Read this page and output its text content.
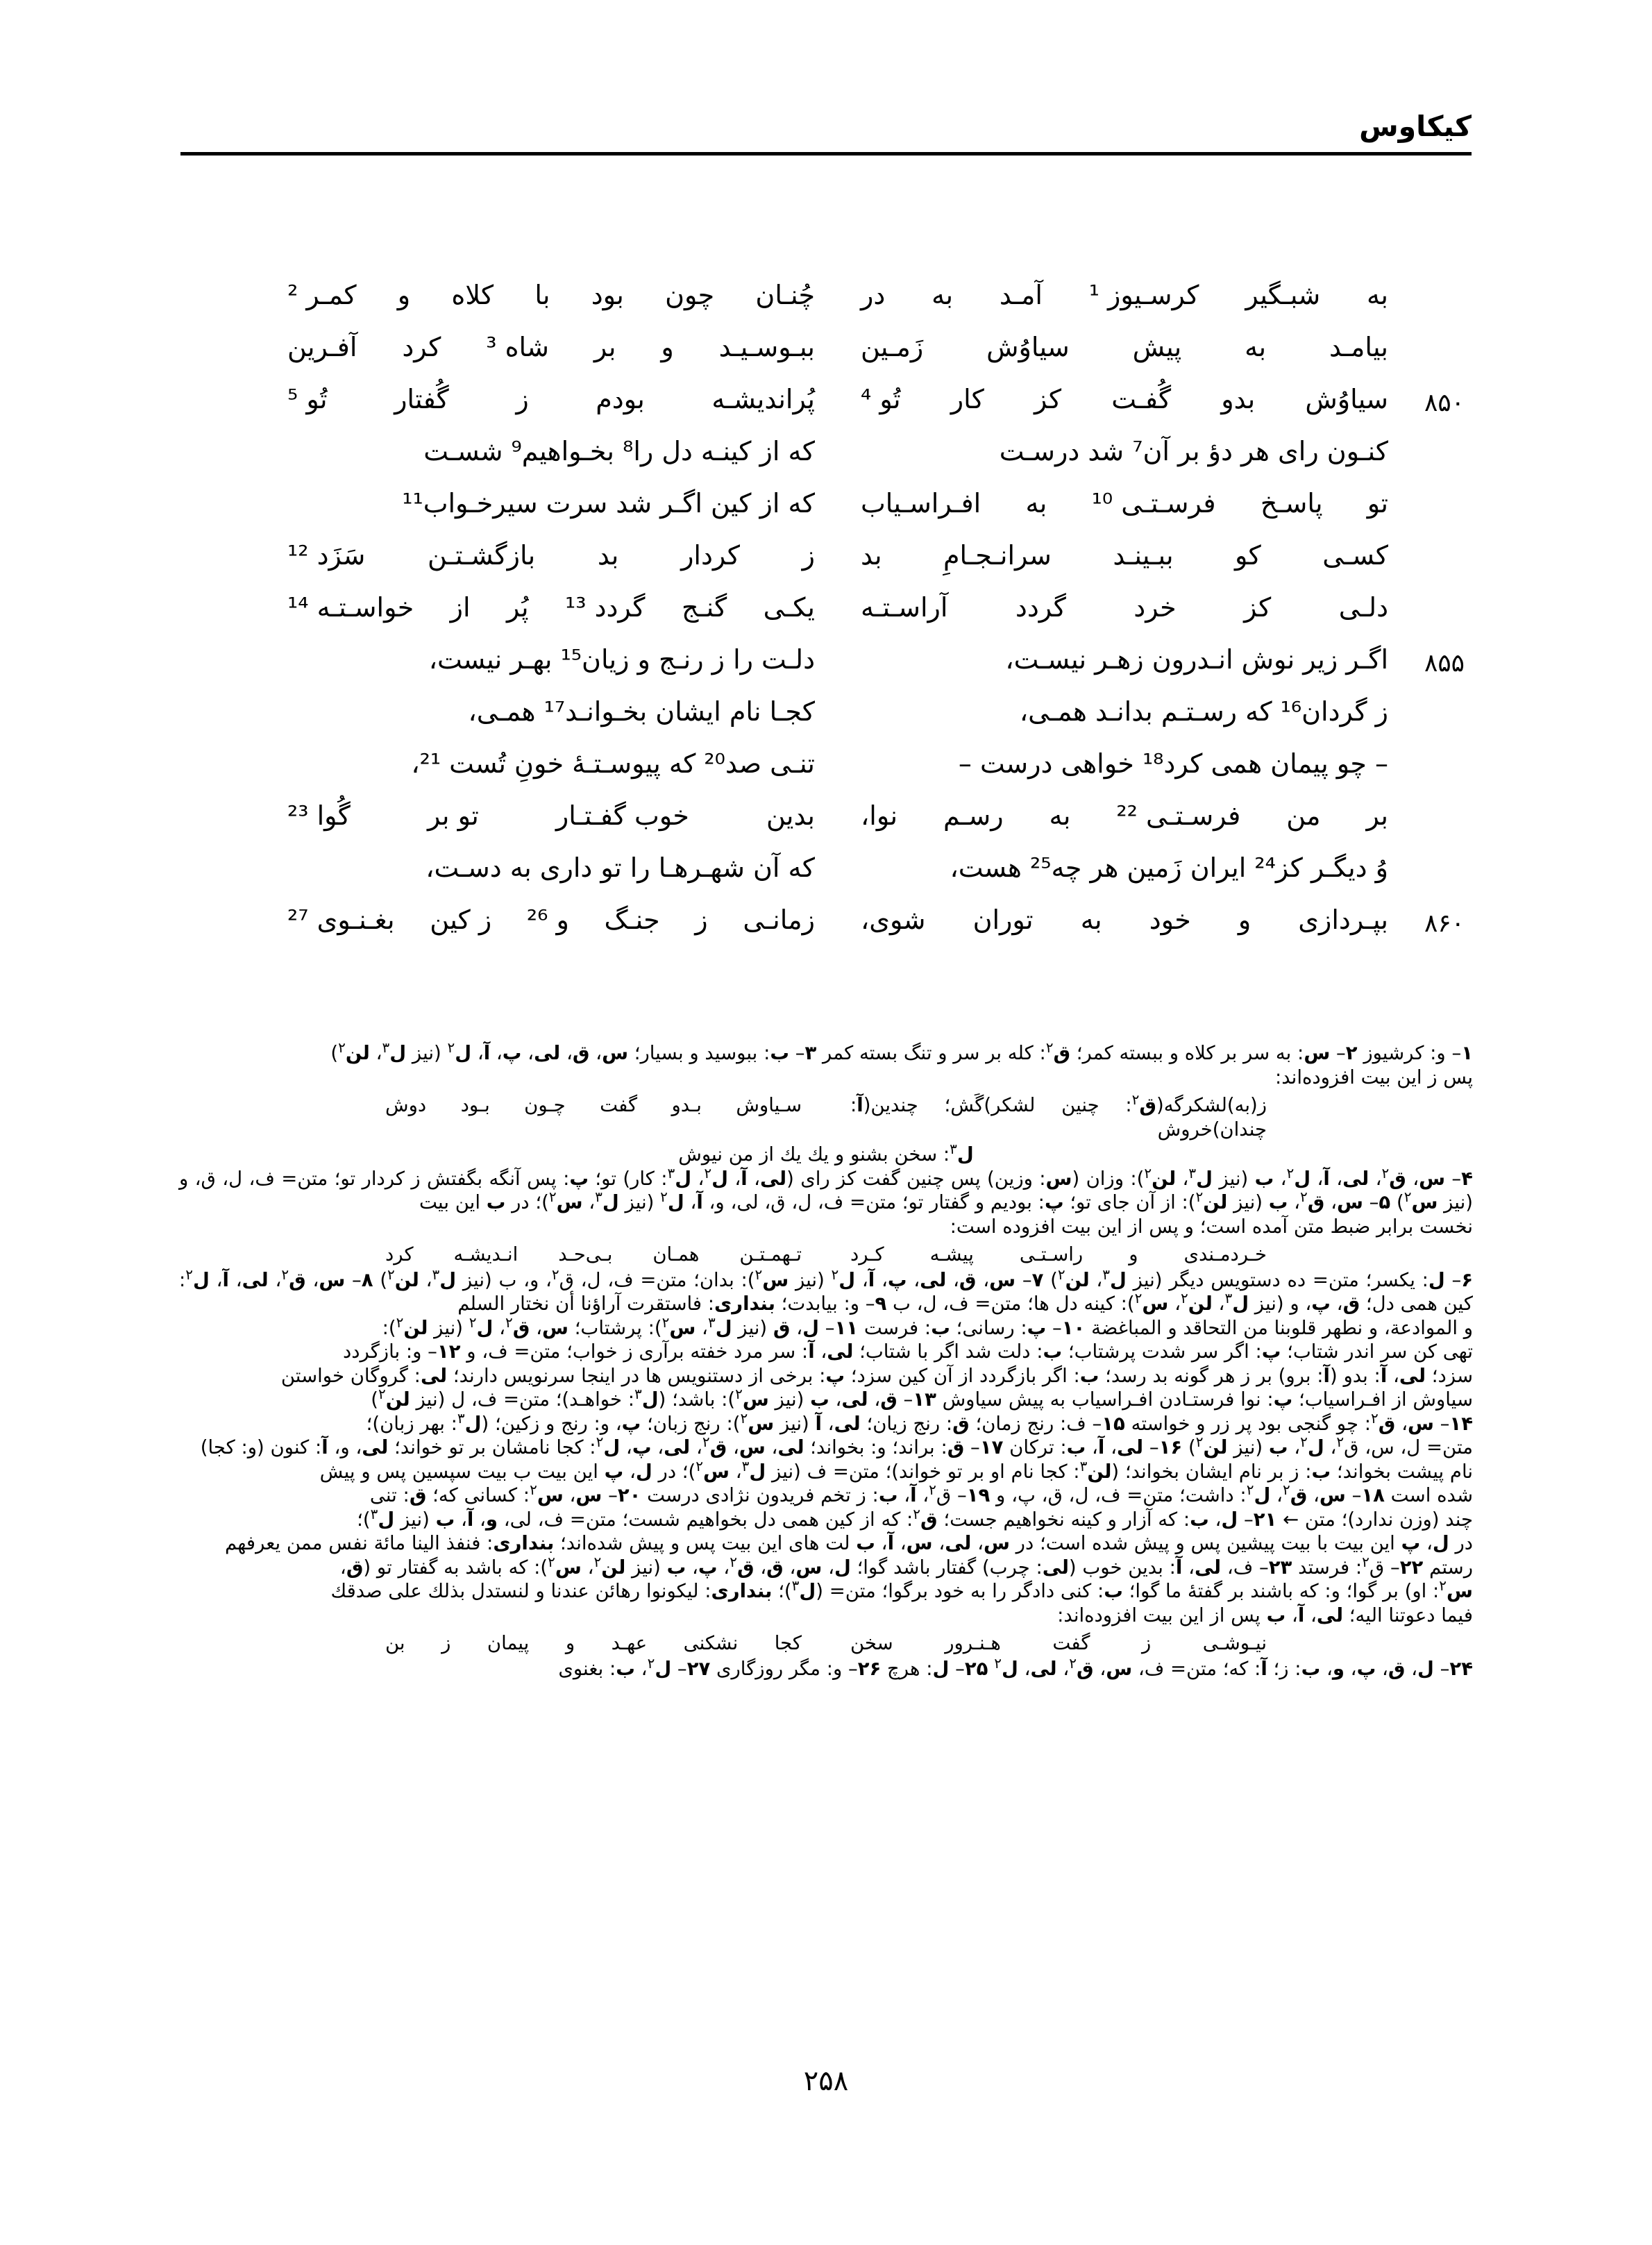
کیکاوس
به
شبـگیر
کرسـیوز ¹
آمـد
به
در
چُنـان
چون
بود
با
کلاه
و
کمـر ²
بیامـد
به
پیش
سیاوُش
زَمـین
ببـوسـیـد
و
بر
شاه ³
کرد
آفـرین
۸۵۰
سیاوُش
بدو
گُفـت
کز
کار
تُو ⁴
پُراندیشـه
بودم
ز
گُفتار
تُو ⁵
کنـون رای هر دؤ بر آن⁷ شد درسـت
که از کینـه دل را⁸ بخـواهیم⁹ شسـت
تو
پاسـخ
فرسـتـی ¹⁰
به
افـراسـیاب
که از کین اگـر شد سرت سیرخـواب¹¹
کسـی
کو
ببـینـد
سرانـجـامِ
بد
ز
کردار
بد
بازگشـتـن
سَزَد ¹²
دلـی
کز
خرد
گردد
آراسـتـه
یکـی
گنـج
گردد ¹³
پُر
از
خواسـتـه ¹⁴
۸۵۵
اگـر زیر نوش انـدرون زهـر نیسـت،
دلـت را ز رنـج و زیان¹⁵ بهـر نیست،
ز گردان¹⁶ که رسـتـم بدانـد همـی،
کجـا نام ایشان بخـوانـد¹⁷ همـی،
– چو پیمان همی کرد¹⁸ خواهی درست –
تنـی صد²⁰ که پیوسـتـهٔ خونِ تُست ²¹،
بر
من
فرسـتـی ²²
به
رسـم
نوا،
بدین
خوب گفـتـار
تو بر
گُوا ²³
وُ دیگـر کز²⁴ ایران زَمین هر چه²⁵ هست،
که آن شهـرهـا را تو داری به دسـت،
۸۶۰
بپـردازی
و
خود
به
توران
شوی،
زمانـی
ز
جنـگ
و ²⁶
ز کین
بغـنـوی ²⁷

۱– و: کرشیوز ۲– س: به سر بر کلاه و ببسته کمر؛ ق$^۲$: کله بر سر و تنگ بسته کمر ۳– ب: ببوسید و بسیار؛ س، ق، لی، پ، آ، ل$^۲$ (نیز ل$^۳$، لن$^۲$)

پس ز این بیت افزوده‌اند:

ز(به)لشکرگه(ق$^۲$: چنین لشکر)گَش؛ چندین(آ: چندان)خروش
سـیاوش
بـدو
گفت
چـون
بـود
دوش

ل$^۳$: سخن بشنو و یك یك از من نیوش

۴– س، ق$^۲$، لی، آ، ل$^۲$، ب (نیز ل$^۳$، لن$^۲$): وزان (س: وزین) پس چنین گفت کز رای (لی، آ، ل$^۲$، ل$^۳$: کار) تو؛ پ: پس آنگه بگفتش ز کردار تو؛ متن= ف، ل، ق، و (نیز س$^۲$) ۵– س، ق$^۲$، ب (نیز لن$^۲$): از آن جای تو؛ پ: بودیم و گفتار تو؛ متن= ف، ل، ق، لی، و، آ، ل$^۲$ (نیز ل$^۳$، س$^۲$)؛ در ب این بیت

نخست برابر ضبط متن آمده است؛ و پس از این بیت افزوده است:

خـردمـندی
و
راسـتـی
پیشـه
کـرد
تـهمـتـن
همـان
بـی‌حـد
انـدیشـه
کرد

۶– ل: یکسر؛ متن= ده دستویس دیگر (نیز ل$^۳$، لن$^۲$) ۷– س، ق، لی، پ، آ، ل$^۲$ (نیز س$^۲$): بدان؛ متن= ف، ل، ق$^۲$، و، ب (نیز ل$^۳$، لن$^۲$) ۸– س، ق$^۲$، لی، آ، ل$^۲$: کین همی دل؛ ق، پ، و (نیز ل$^۳$، لن$^۲$، س$^۲$): کینه دل ها؛ متن= ف، ل، ب ۹– و: بیابدت؛ بنداری: فاستقرت آراؤنا أن نختار السلم

و الموادعة، و نطهر قلوبنا من التحاقد و المباغضة ۱۰– پ: رسانی؛ ب: فرست ۱۱– ل، ق (نیز ل$^۳$، س$^۲$): پرشتاب؛ س، ق$^۲$، ل$^۲$ (نیز لن$^۲$):

تهی کن سر اندر شتاب؛ پ: اگر سر شدت پرشتاب؛ ب: دلت شد اگر با شتاب؛ لی، آ: سر مرد خفته برآری ز خواب؛ متن= ف، و ۱۲– و: بازگردد

سزد؛ لی، آ: بدو (آ: برو) بر ز هر گونه بد رسد؛ ب: اگر بازگردد از آن کین سزد؛ پ: برخی از دستنویس ها در اینجا سرنویس دارند؛ لی: گروگان خواستن

سیاوش از افـراسیاب؛ پ: نوا فرستـادن افـراسیاب به پیش سیاوش ۱۳– ق، لی، ب (نیز س$^۲$): باشد؛ (ل$^۳$: خواهـد)؛ متن= ف، ل (نیز لن$^۲$)

۱۴– س، ق$^۲$: چو گنجی بود پر زر و خواسته ۱۵– ف: رنج زمان؛ ق: رنج زیان؛ لی، آ (نیز س$^۲$): رنج زبان؛ پ، و: رنج و زکین؛ (ل$^۳$: بهر زبان)؛

متن= ل، س، ق$^۲$، ل$^۲$، ب (نیز لن$^۲$) ۱۶– لی، آ، ب: ترکان ۱۷– ق: براند؛ و: بخواند؛ لی، س، ق$^۲$، لی، پ، ل$^۲$: کجا نامشان بر تو خواند؛ لی، و، آ: کنون (و: کجا)

نام پیشت بخواند؛ ب: ز بر نام ایشان بخواند؛ (لن$^۳$: کجا نام او بر تو خواند)؛ متن= ف (نیز ل$^۳$، س$^۲$)؛ در ل، پ این بیت ب بیت سپسین پس و پیش

شده است ۱۸– س، ق$^۲$، ل$^۲$: داشت؛ متن= ف، ل، ق، پ، و ۱۹– ق$^۲$، آ، ب: ز تخم فریدون نژادی درست ۲۰– س، س$^۲$: کسانی که؛ ق: تنی

چند (وزن ندارد)؛ متن ← ۲۱– ل، ب: که آزار و کینه نخواهیم جست؛ ق$^۲$: که از کین همی دل بخواهیم شست؛ متن= ف، لی، و، آ، ب (نیز ل$^۳$)؛

در ل، پ این بیت با بیت پیشین پس و پیش شده است؛ در س، لی، س، آ، ب لت های این بیت پس و پیش شده‌اند؛ بنداری: فنفذ الینا مائة نفس ممن یعرفهم

رستم ۲۲– ق$^۲$: فرستد ۲۳– ف، لی، آ: بدین خوب (لی: چرب) گفتار باشد گوا؛ ل، س، ق، ق$^۲$، پ، ب (نیز لن$^۲$، س$^۲$): که باشد به گفتار تو (ق،

س$^۲$: او) بر گوا؛ و: که باشند بر گفتهٔ ما گوا؛ ب: کنی دادگر را به خود برگوا؛ متن= (ل$^۳$)؛ بنداری: لیکونوا رهائن عندنا و لنستدل بذلك علی صدقك

فیما دعوتنا الیه؛ لی، آ، ب پس از این بیت افزوده‌اند:

نیـوشـی
ز
گفت
هـنـرور
سخن
کجا
نشکنی
عهـد
و
پیمان
ز
بن

۲۴– ل، ق، پ، و، ب: ز؛ آ: که؛ متن= ف، س، ق$^۲$، لی، ل$^۲$ ۲۵– ل: هرچ ۲۶– و: مگر روزگاری ۲۷– ل$^۲$، ب: بغنوی

۲۵۸
